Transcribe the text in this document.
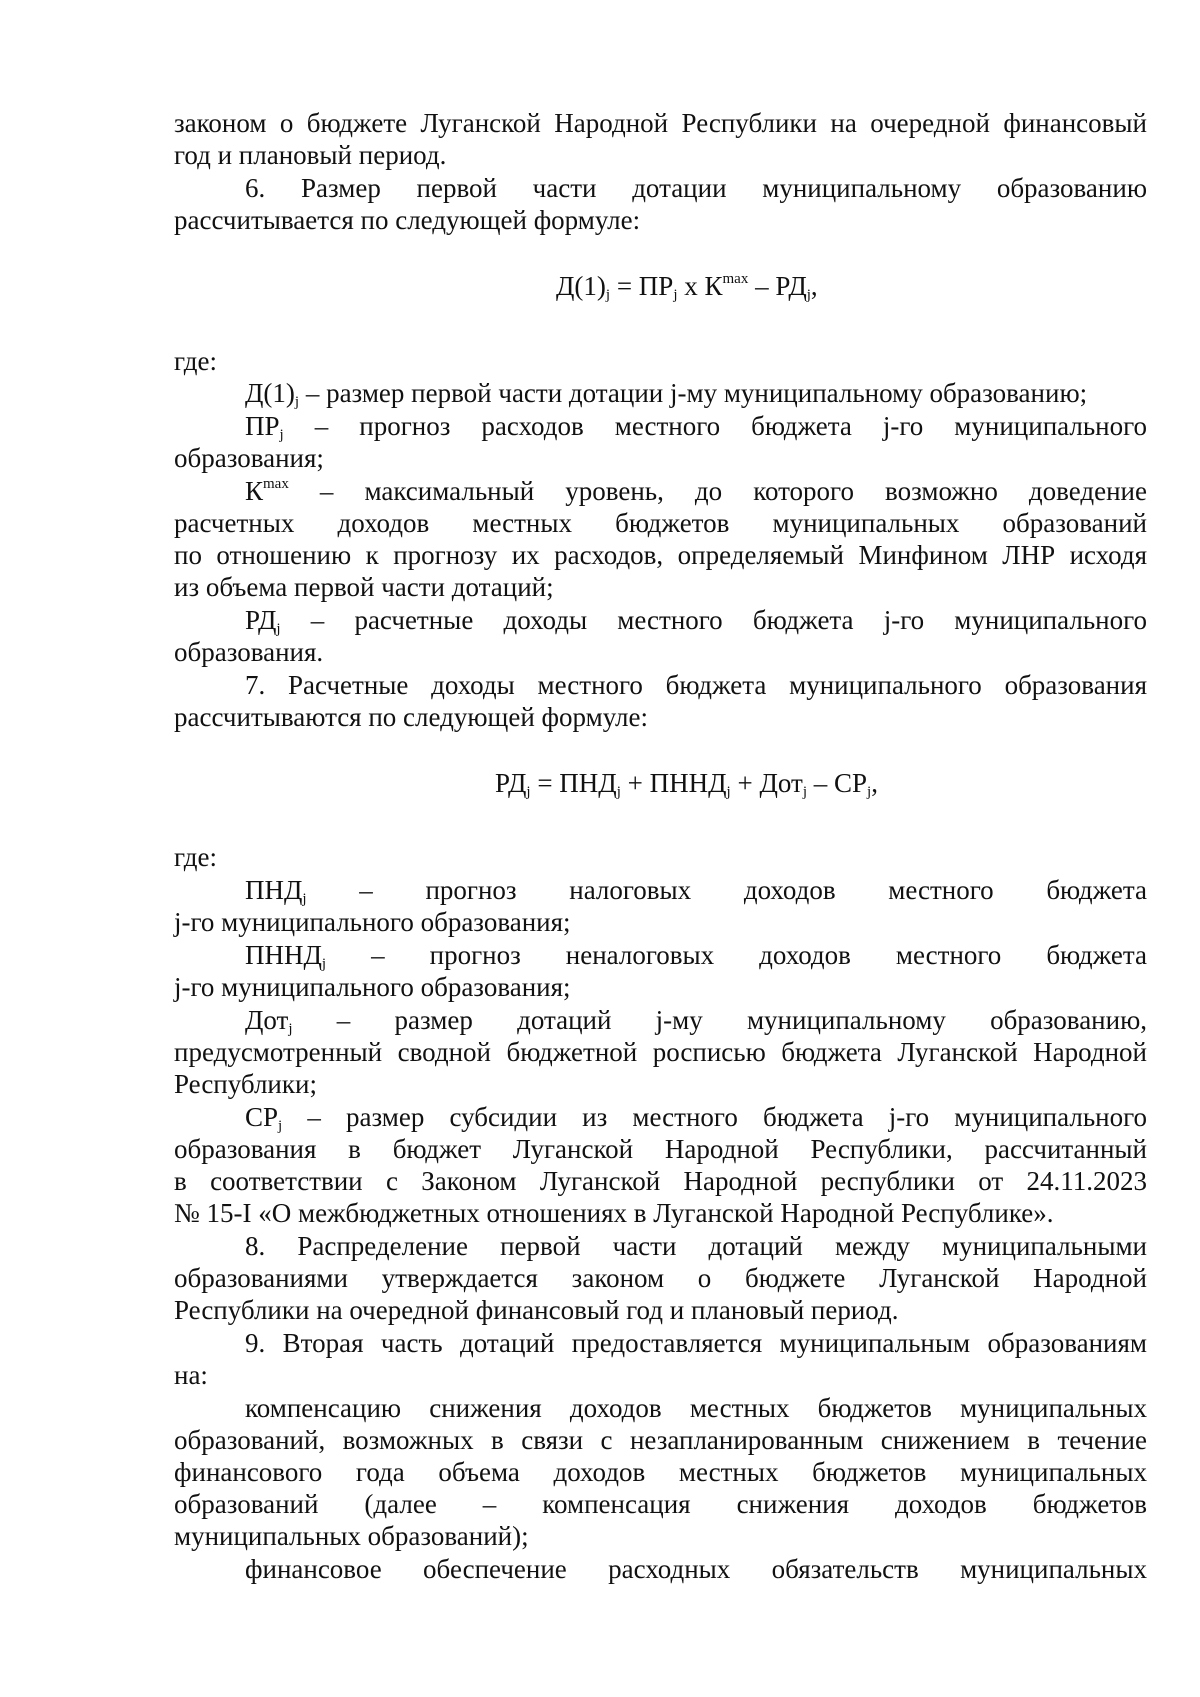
законом о бюджете Луганской Народной Республики на очередной финансовый
год и плановый период.
6. Размер первой части дотации муниципальному образованию
рассчитывается по следующей формуле:
$Д(1)_j = ПР_j$ х $К^{max} - РД_j$,
где:
$Д(1)_j$ – размер первой части дотации j-му муниципальному образованию;
$ПР_j$ – прогноз расходов местного бюджета j-го муниципального
образования;
$К^{max}$ – максимальный уровень, до которого возможно доведение
расчетных доходов местных бюджетов муниципальных образований
по отношению к прогнозу их расходов, определяемый Минфином ЛНР исходя
из объема первой части дотаций;
$РД_j$ – расчетные доходы местного бюджета j-го муниципального
образования.
7. Расчетные доходы местного бюджета муниципального образования
рассчитываются по следующей формуле:
$РД_j = ПНД_j$ + $ПННД_j + Дот_j - СР_j$,
где:
$ПНД_j$ – прогноз налоговых доходов местного бюджета
j-го муниципального образования;
$ПННД_j$ – прогноз неналоговых доходов местного бюджета
j-го муниципального образования;
Дот$_j$ – размер дотаций j-му муниципальному образованию,
предусмотренный сводной бюджетной росписью бюджета Луганской Народной
Республики;
$СР_j$ – размер субсидии из местного бюджета j-го муниципального
образования в бюджет Луганской Народной Республики, рассчитанный
в соответствии с Законом Луганской Народной республики от 24.11.2023
№ 15-I «О межбюджетных отношениях в Луганской Народной Республике».
8. Распределение первой части дотаций между муниципальными
образованиями утверждается законом о бюджете Луганской Народной
Республики на очередной финансовый год и плановый период.
9. Вторая часть дотаций предоставляется муниципальным образованиям
на:
компенсацию снижения доходов местных бюджетов муниципальных
образований, возможных в связи с незапланированным снижением в течение
финансового года объема доходов местных бюджетов муниципальных
образований (далее – компенсация снижения доходов бюджетов
муниципальных образований);
финансовое обеспечение расходных обязательств муниципальных
